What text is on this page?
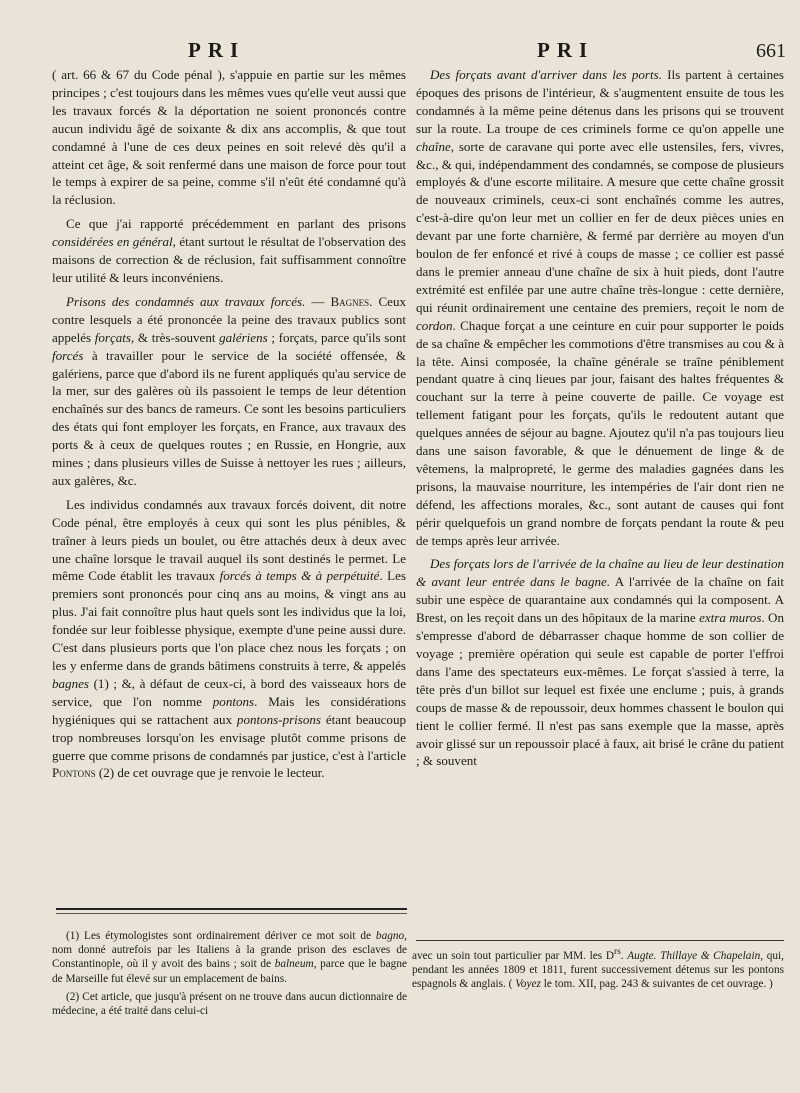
PRI	PRI	661

( art. 66 & 67 du Code pénal ), s'appuie en partie sur les mêmes principes ; c'est toujours dans les mêmes vues qu'elle veut aussi que les travaux forcés & la déportation ne soient prononcés contre aucun individu âgé de soixante & dix ans accomplis, & que tout condamné à l'une de ces deux peines en soit relevé dès qu'il a atteint cet âge, & soit renfermé dans une maison de force pour tout le temps à expirer de sa peine, comme s'il n'eût été condamné qu'à la réclusion.

Ce que j'ai rapporté précédemment en parlant des prisons considérées en général, étant surtout le résultat de l'observation des maisons de correction & de réclusion, fait suffisamment connoître leur utilité & leurs inconvéniens.

Prisons des condamnés aux travaux forcés. — Bagnes. Ceux contre lesquels a été prononcée la peine des travaux publics sont appelés forçats, & très-souvent galériens ; forçats, parce qu'ils sont forcés à travailler pour le service de la société offensée, & galériens, parce que d'abord ils ne furent appliqués qu'au service de la mer, sur des galères où ils passoient le temps de leur détention enchaînés sur des bancs de rameurs. Ce sont les besoins particuliers des états qui font employer les forçats, en France, aux travaux des ports & à ceux de quelques routes ; en Russie, en Hongrie, aux mines ; dans plusieurs villes de Suisse à nettoyer les rues ; ailleurs, aux galères, &c.

Les individus condamnés aux travaux forcés doivent, dit notre Code pénal, être employés à ceux qui sont les plus pénibles, & traîner à leurs pieds un boulet, ou être attachés deux à deux avec une chaîne lorsque le travail auquel ils sont destinés le permet. Le même Code établit les travaux forcés à temps & à perpétuité. Les premiers sont prononcés pour cinq ans au moins, & vingt ans au plus. J'ai fait connoître plus haut quels sont les individus que la loi, fondée sur leur foiblesse physique, exempte d'une peine aussi dure. C'est dans plusieurs ports que l'on place chez nous les forçats ; on les y enferme dans de grands bâtimens construits à terre, & appelés bagnes (1) ; &, à défaut de ceux-ci, à bord des vaisseaux hors de service, que l'on nomme pontons. Mais les considérations hygiéniques qui se rattachent aux pontons-prisons étant beaucoup trop nombreuses lorsqu'on les envisage plutôt comme prisons de guerre que comme prisons de condamnés par justice, c'est à l'article Pontons (2) de cet ouvrage que je renvoie le lecteur.

Des forçats avant d'arriver dans les ports. Ils partent à certaines époques des prisons de l'intérieur, & s'augmentent ensuite de tous les condamnés à la même peine détenus dans les prisons qui se trouvent sur la route. La troupe de ces criminels forme ce qu'on appelle une chaîne, sorte de caravane qui porte avec elle ustensiles, fers, vivres, &c., & qui, indépendamment des condamnés, se compose de plusieurs employés & d'une escorte militaire. A mesure que cette chaîne grossit de nouveaux criminels, ceux-ci sont enchaînés comme les autres, c'est-à-dire qu'on leur met un collier en fer de deux pièces unies en devant par une forte charnière, & fermé par derrière au moyen d'un boulon de fer enfoncé et rivé à coups de masse ; ce collier est passé dans le premier anneau d'une chaîne de six à huit pieds, dont l'autre extrémité est enfilée par une autre chaîne très-longue : cette dernière, qui réunit ordinairement une centaine des premiers, reçoit le nom de cordon. Chaque forçat a une ceinture en cuir pour supporter le poids de sa chaîne & empêcher les commotions d'être transmises au cou & à la tête. Ainsi composée, la chaîne générale se traîne péniblement pendant quatre à cinq lieues par jour, faisant des haltes fréquentes & couchant sur la terre à peine couverte de paille. Ce voyage est tellement fatigant pour les forçats, qu'ils le redoutent autant que quelques années de séjour au bagne. Ajoutez qu'il n'a pas toujours lieu dans une saison favorable, & que le dénuement de linge & de vêtemens, la malpropreté, le germe des maladies gagnées dans les prisons, la mauvaise nourriture, les intempéries de l'air dont rien ne défend, les affections morales, &c., sont autant de causes qui font périr quelquefois un grand nombre de forçats pendant la route & peu de temps après leur arrivée.

Des forçats lors de l'arrivée de la chaîne au lieu de leur destination & avant leur entrée dans le bagne. A l'arrivée de la chaîne on fait subir une espèce de quarantaine aux condamnés qui la composent. A Brest, on les reçoit dans un des hôpitaux de la marine extra muros. On s'empresse d'abord de débarrasser chaque homme de son collier de voyage ; première opération qui seule est capable de porter l'effroi dans l'ame des spectateurs eux-mêmes. Le forçat s'assied à terre, la tête près d'un billot sur lequel est fixée une enclume ; puis, à grands coups de masse & de repoussoir, deux hommes chassent le boulon qui tient le collier fermé. Il n'est pas sans exemple que la masse, après avoir glissé sur un repoussoir placé à faux, ait brisé le crâne du patient ; & souvent

(1) Les étymologistes sont ordinairement dériver ce mot soit de bagno, nom donné autrefois par les Italiens à la grande prison des esclaves de Constantinople, où il y avoit des bains ; soit de balneum, parce que le bagne de Marseille fut élevé sur un emplacement de bains.

(2) Cet article, que jusqu'à présent on ne trouve dans aucun dictionnaire de médecine, a été traité dans celui-ci

avec un soin tout particulier par MM. les $D^{rs}$. Augte. Thillaye & Chapelain, qui, pendant les années 1809 et 1811, furent successivement détenus sur les pontons espagnols & anglais. ( Voyez le tom. XII, pag. 243 & suivantes de cet ouvrage. )
